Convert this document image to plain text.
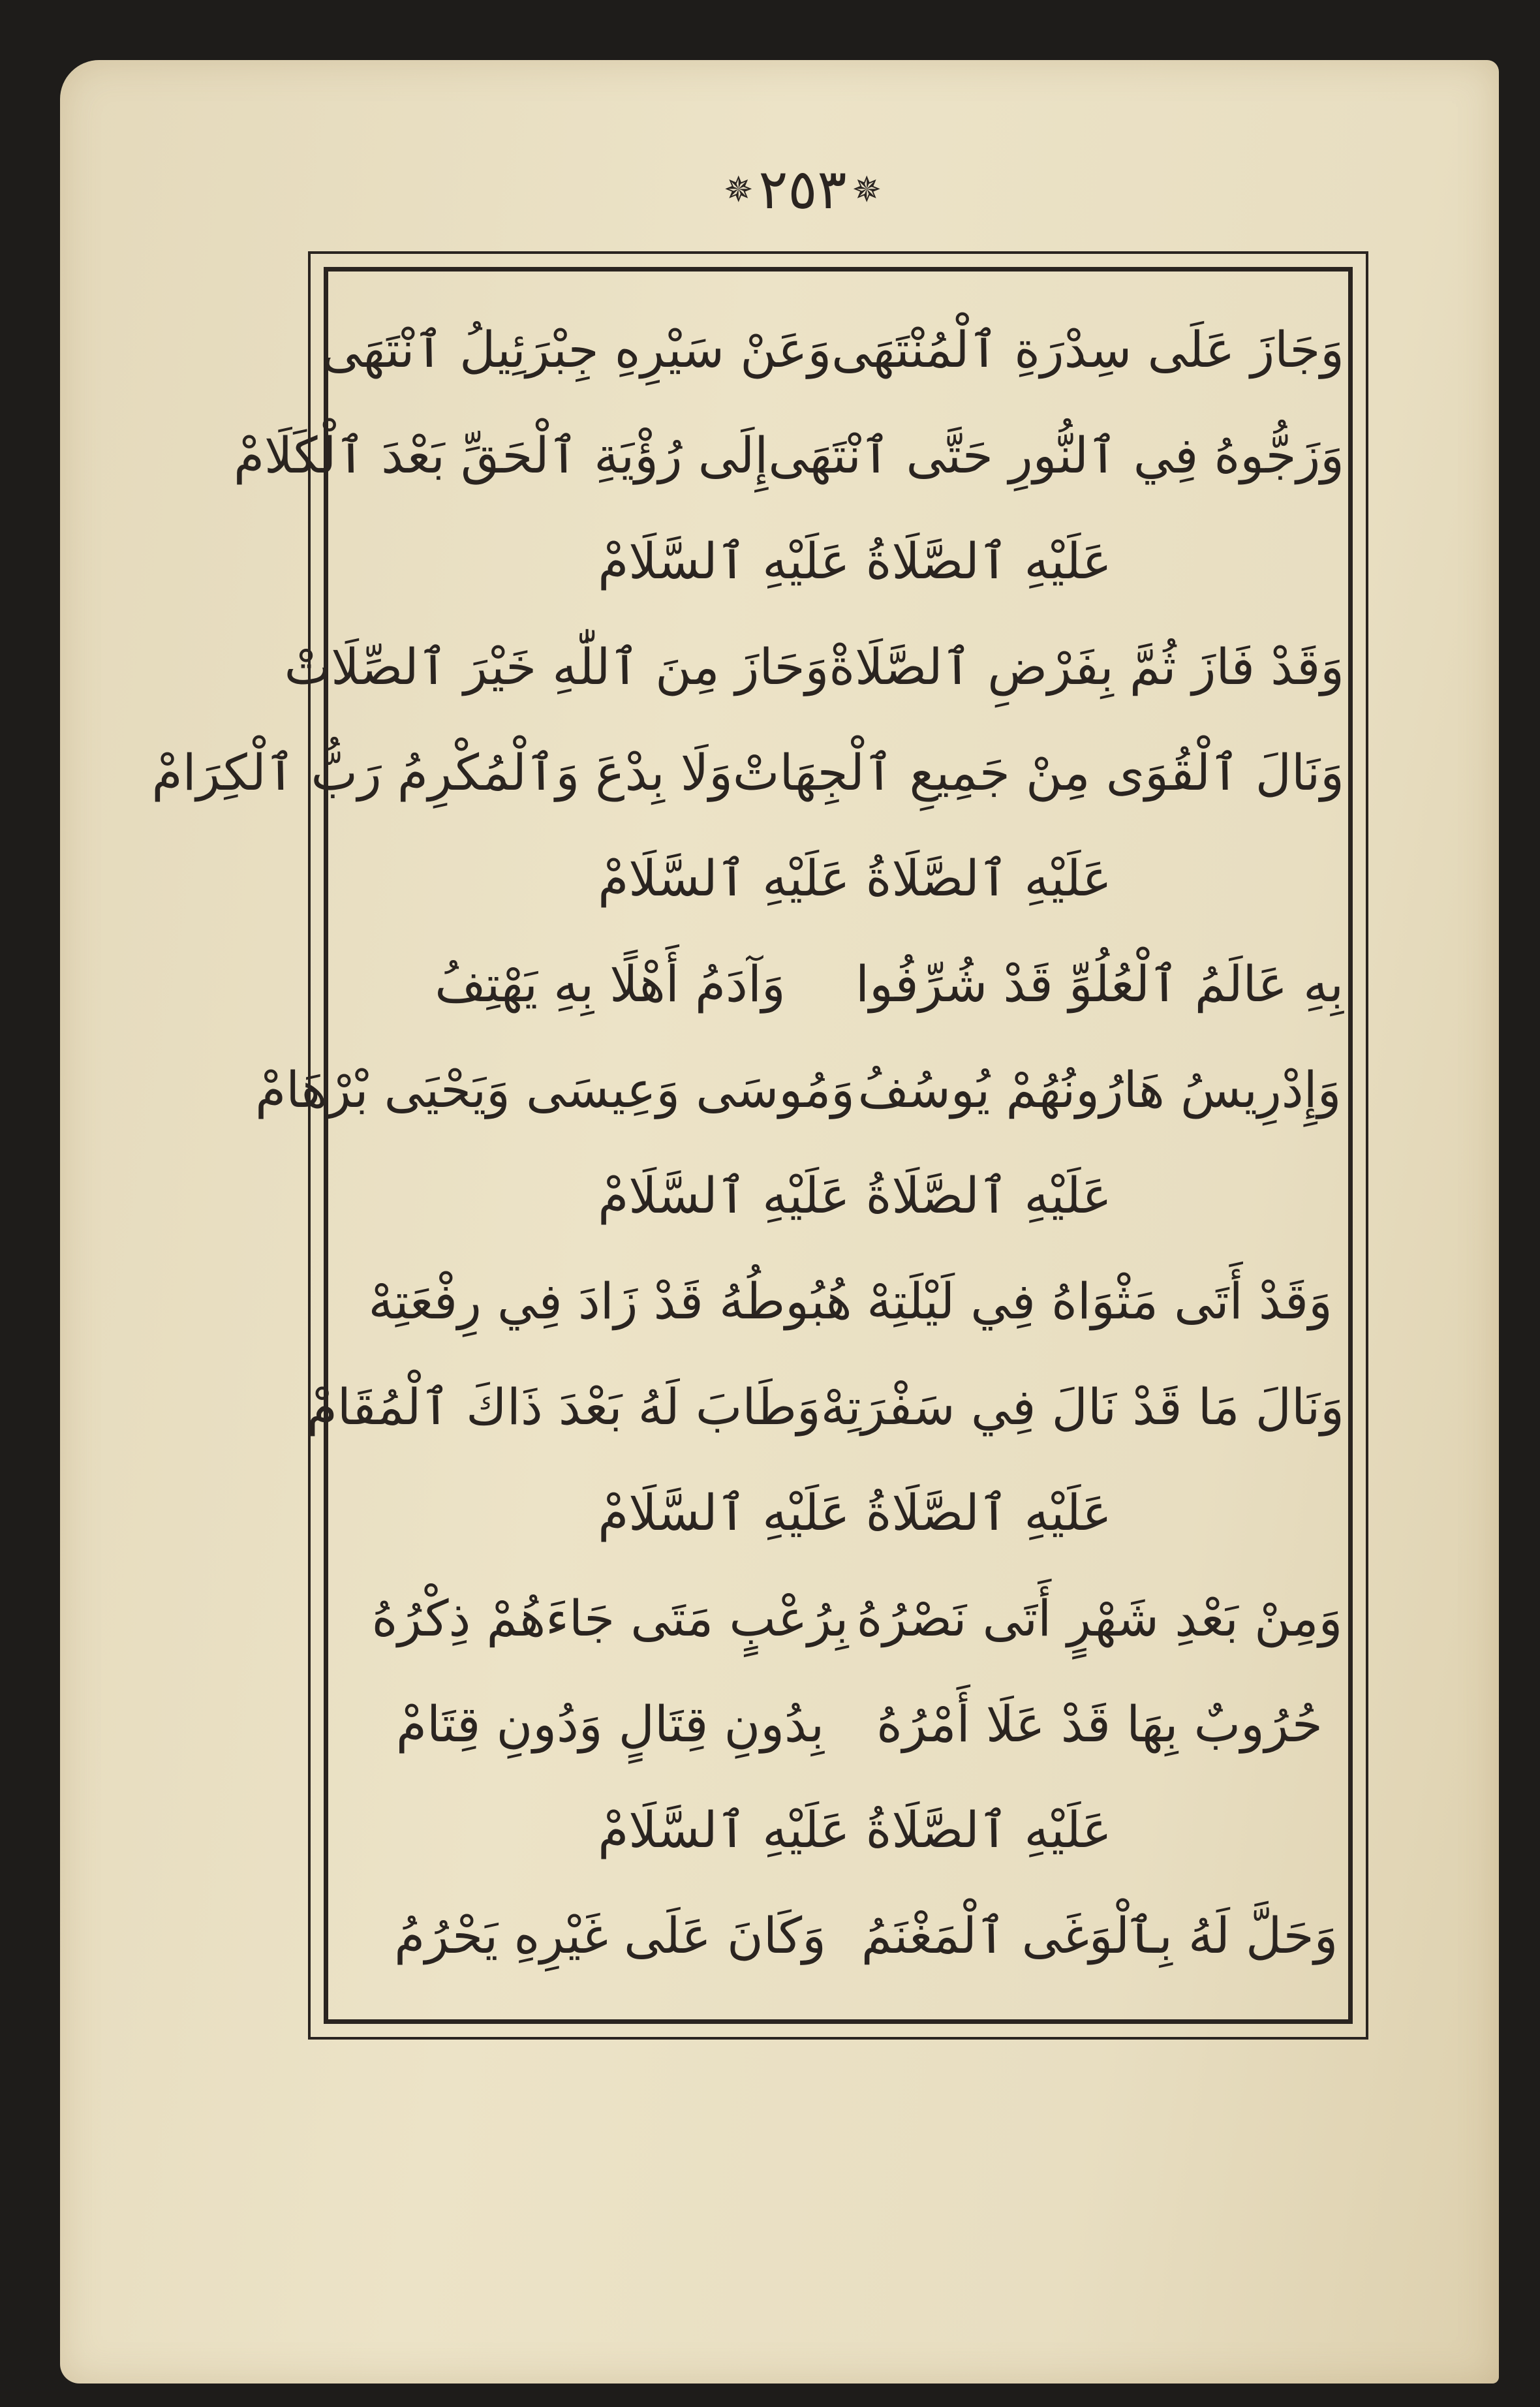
✵ ٢٥٣ ✵
وَجَازَ عَلَى سِدْرَةِ ٱلْمُنْتَهَى
وَعَنْ سَيْرِهِ جِبْرَئِيلُ ٱنْتَهَى
وَزَجُّوهُ فِي ٱلنُّورِ حَتَّى ٱنْتَهَى
إِلَى رُؤْيَةِ ٱلْحَقِّ بَعْدَ ٱلْكَلَامْ
عَلَيْهِ ٱلصَّلَاةُ عَلَيْهِ ٱلسَّلَامْ
وَقَدْ فَازَ ثُمَّ بِفَرْضِ ٱلصَّلَاةْ
وَحَازَ مِنَ ٱللّٰهِ خَيْرَ ٱلصِّلَاتْ
وَنَالَ ٱلْقُوَى مِنْ جَمِيعِ ٱلْجِهَاتْ
وَلَا بِدْعَ وَٱلْمُكْرِمُ رَبُّ ٱلْكِرَامْ
عَلَيْهِ ٱلصَّلَاةُ عَلَيْهِ ٱلسَّلَامْ
بِهِ عَالَمُ ٱلْعُلُوِّ قَدْ شُرِّفُوا
وَآدَمُ أَهْلًا بِهِ يَهْتِفُ
وَإِدْرِيسُ هَارُونُهُمْ يُوسُفُ
وَمُوسَى وَعِيسَى وَيَحْيَى بْرْهَامْ
عَلَيْهِ ٱلصَّلَاةُ عَلَيْهِ ٱلسَّلَامْ
وَقَدْ أَتَى مَثْوَاهُ فِي لَيْلَتِهْ
هُبُوطُهُ قَدْ زَادَ فِي رِفْعَتِهْ
وَنَالَ مَا قَدْ نَالَ فِي سَفْرَتِهْ
وَطَابَ لَهُ بَعْدَ ذَاكَ ٱلْمُقَامْ
عَلَيْهِ ٱلصَّلَاةُ عَلَيْهِ ٱلسَّلَامْ
وَمِنْ بَعْدِ شَهْرٍ أَتَى نَصْرُهُ
بِرُعْبٍ مَتَى جَاءَهُمْ ذِكْرُهُ
حُرُوبٌ بِهَا قَدْ عَلَا أَمْرُهُ
بِدُونِ قِتَالٍ وَدُونِ قِتَامْ
عَلَيْهِ ٱلصَّلَاةُ عَلَيْهِ ٱلسَّلَامْ
وَحَلَّ لَهُ بِٱلْوَغَى ٱلْمَغْنَمُ
وَكَانَ عَلَى غَيْرِهِ يَحْرُمُ
